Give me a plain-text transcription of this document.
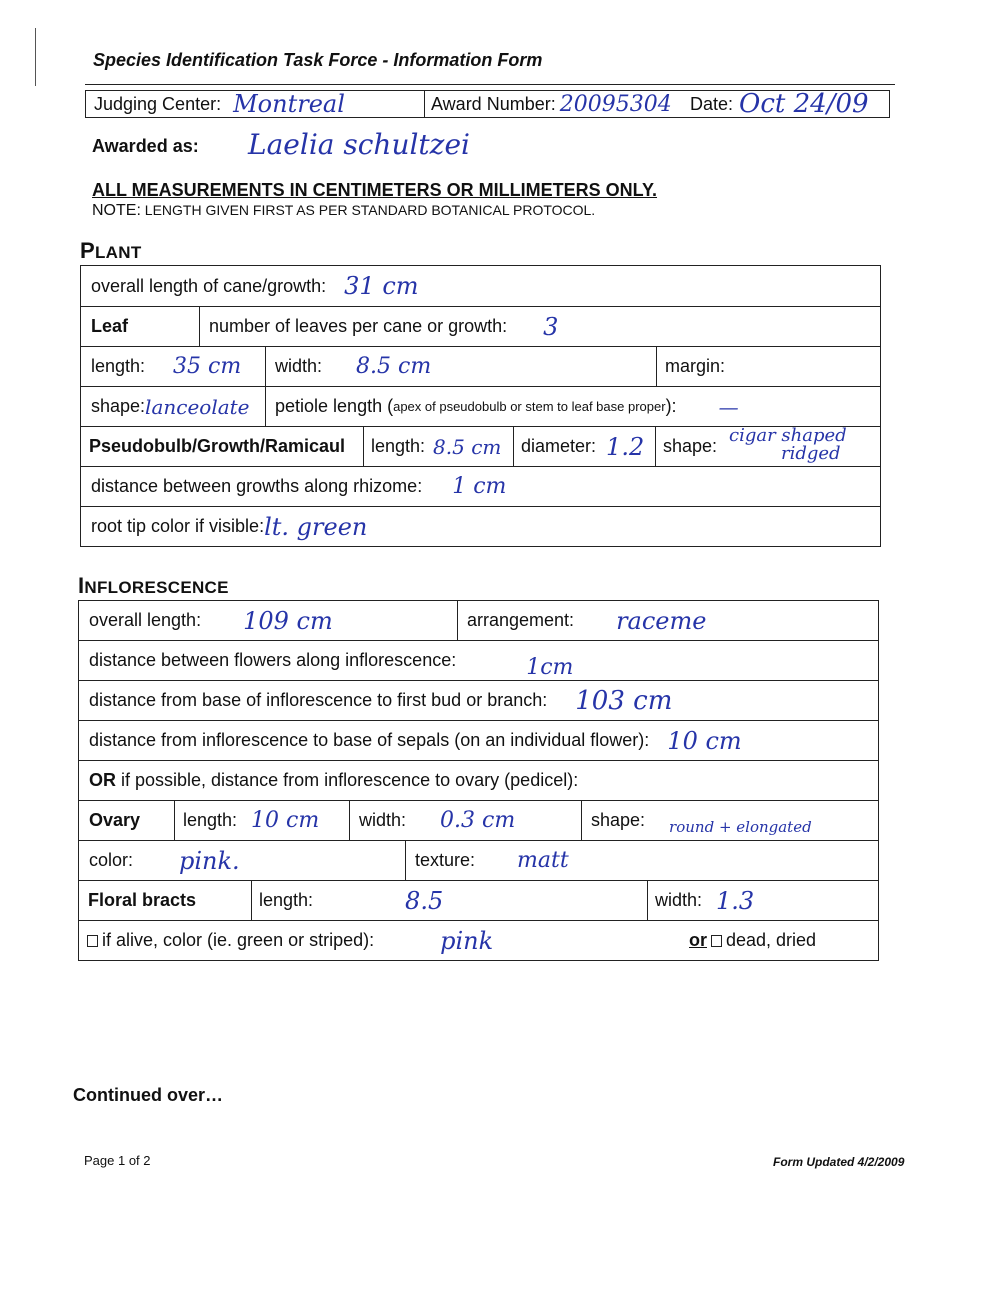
Species Identification Task Force - Information Form
Judging Center: Montreal	Award Number: 20095304 Date: Oct 24/09
Awarded as: Laelia schultzei
ALL MEASUREMENTS IN CENTIMETERS OR MILLIMETERS ONLY.
NOTE: LENGTH GIVEN FIRST AS PER STANDARD BOTANICAL PROTOCOL.
PLANT
overall length of cane/growth: 31 cm
Leaf	number of leaves per cane or growth: 3
length: 35 cm width: 8.5 cm	margin:
shape: lanceolate petiole length ( apex of pseudobulb or stem to leaf base proper ): —
Pseudobulb/Growth/Ramicaul length: 8.5 cm diameter: 1.2 shape: cigar shaped
ridged
distance between growths along rhizome: 1 cm
root tip color if visible: lt. green
INFLORESCENCE
overall length: 109 cm	arrangement: raceme
distance between flowers along inflorescence:	1cm
distance from base of inflorescence to first bud or branch: 103 cm
distance from inflorescence to base of sepals (on an individual flower): 10 cm
OR if possible, distance from inflorescence to ovary (pedicel):
Ovary length: 10 cm width: 0.3 cm	shape: round + elongated
color: pink.	texture: matt
Floral bracts	length:	8.5	width: 1.3
if alive, color (ie. green or striped):	pink	or dead, dried
Continued over…
Page 1 of 2	Form Updated 4/2/2009
